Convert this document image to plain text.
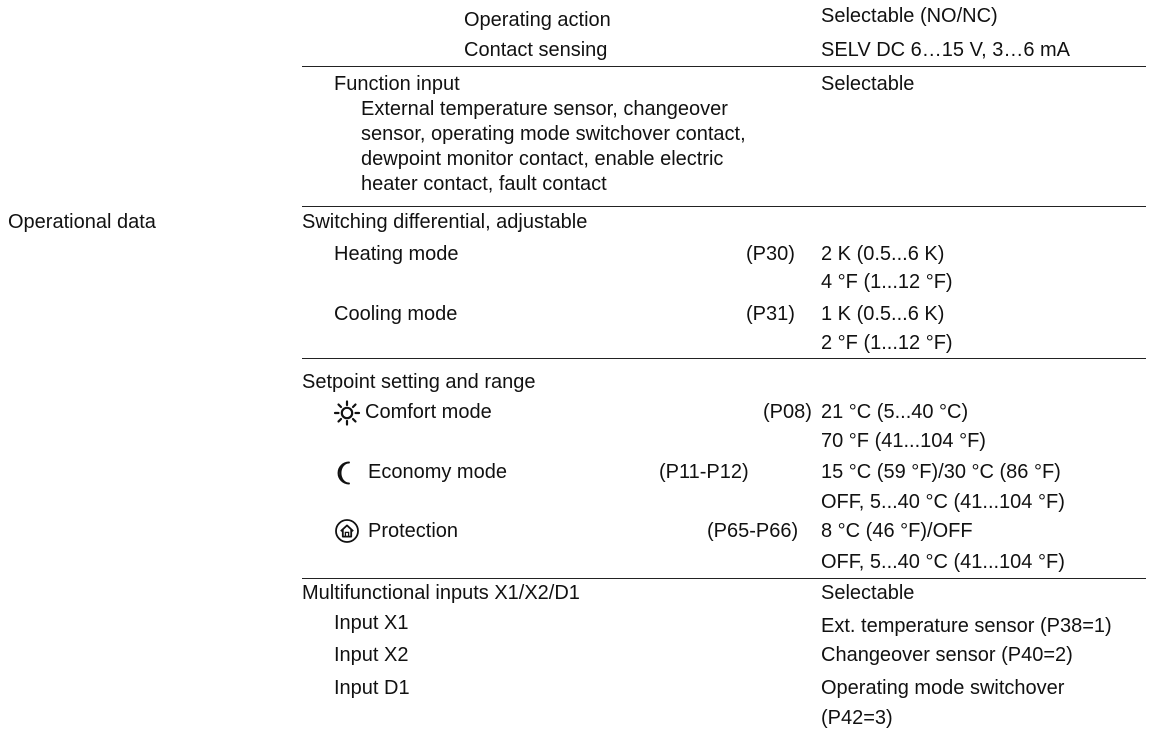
Operating action	Selectable (NO/NC)
Contact sensing	SELV DC 6…15 V, 3…6 mA
Function input	Selectable
External temperature sensor, changeover
sensor, operating mode switchover contact,
dewpoint monitor contact, enable electric
heater contact, fault contact
Operational data	Switching differential, adjustable
Heating mode	(P30) 2 K (0.5...6 K)
4 °F (1...12 °F)
Cooling mode	(P31) 1 K (0.5...6 K)
2 °F (1...12 °F)
Setpoint setting and range
Comfort mode	(P08) 21 °C (5...40 °C)
70 °F (41...104 °F)
Economy mode	(P11-P12)	15 °C (59 °F)/30 °C (86 °F)
OFF, 5...40 °C (41...104 °F)
Protection	(P65-P66) 8 °C (46 °F)/OFF
OFF, 5...40 °C (41...104 °F)
Multifunctional inputs X1/X2/D1	Selectable
Input X1	Ext. temperature sensor (P38=1)
Input X2	Changeover sensor (P40=2)
Input D1	Operating mode switchover
(P42=3)
